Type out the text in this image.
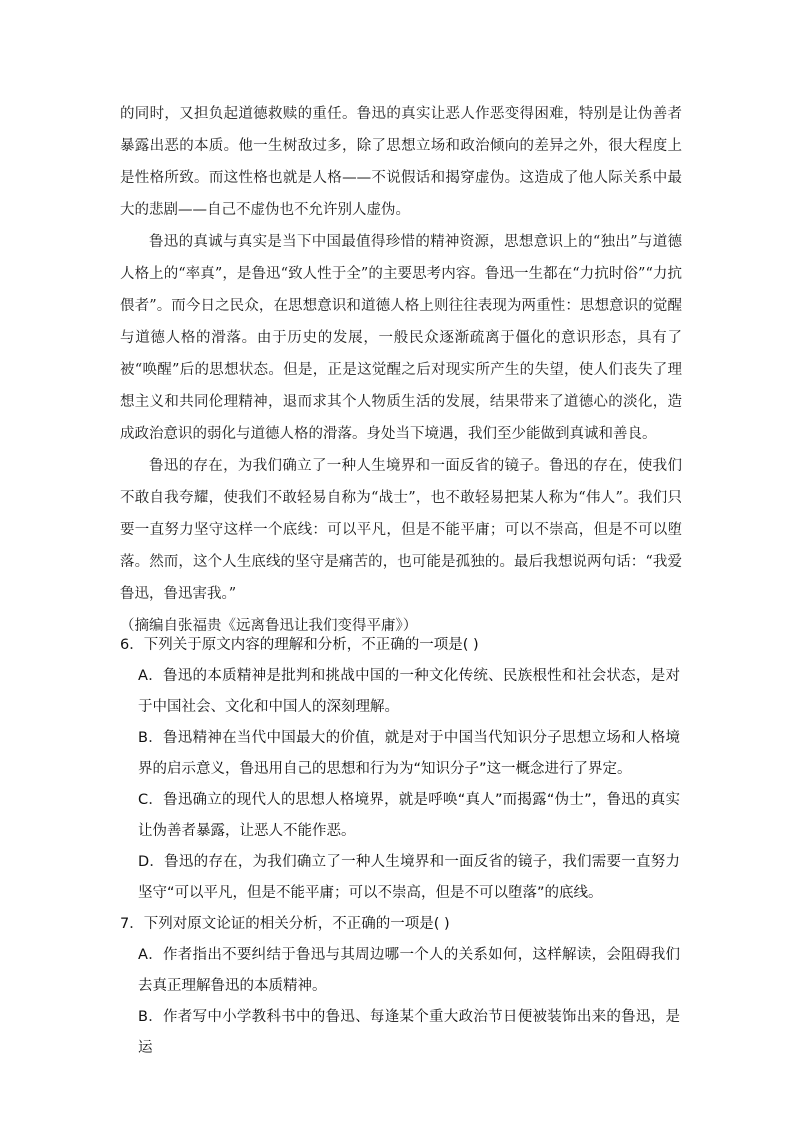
的同时，又担负起道德救赎的重任。鲁迅的真实让恶人作恶变得困难，特别是让伪善者暴露出恶的本质。他一生树敌过多，除了思想立场和政治倾向的差异之外，很大程度上是性格所致。而这性格也就是人格——不说假话和揭穿虚伪。这造成了他人际关系中最大的悲剧——自己不虚伪也不允许别人虚伪。

鲁迅的真诚与真实是当下中国最值得珍惜的精神资源，思想意识上的“独出”与道德人格上的“率真”，是鲁迅“致人性于全”的主要思考内容。鲁迅一生都在“力抗时俗”“力抗偎者”。而今日之民众，在思想意识和道德人格上则往往表现为两重性：思想意识的觉醒与道德人格的滑落。由于历史的发展，一般民众逐渐疏离于僵化的意识形态，具有了被“唤醒”后的思想状态。但是，正是这觉醒之后对现实所产生的失望，使人们丧失了理想主义和共同伦理精神，退而求其个人物质生活的发展，结果带来了道德心的淡化，造成政治意识的弱化与道德人格的滑落。身处当下境遇，我们至少能做到真诚和善良。

鲁迅的存在，为我们确立了一种人生境界和一面反省的镜子。鲁迅的存在，使我们不敢自我夸耀，使我们不敢轻易自称为“战士”，也不敢轻易把某人称为“伟人”。我们只要一直努力坚守这样一个底线：可以平凡，但是不能平庸；可以不崇高，但是不可以堕落。然而，这个人生底线的坚守是痛苦的，也可能是孤独的。最后我想说两句话：“我爱鲁迅，鲁迅害我。”

（摘编自张福贵《远离鲁迅让我们变得平庸》）

6．下列关于原文内容的理解和分析，不正确的一项是( )

A．鲁迅的本质精神是批判和挑战中国的一种文化传统、民族根性和社会状态，是对于中国社会、文化和中国人的深刻理解。

B．鲁迅精神在当代中国最大的价值，就是对于中国当代知识分子思想立场和人格境界的启示意义，鲁迅用自己的思想和行为为“知识分子”这一概念进行了界定。

C．鲁迅确立的现代人的思想人格境界，就是呼唤“真人”而揭露“伪士”，鲁迅的真实让伪善者暴露，让恶人不能作恶。

D．鲁迅的存在，为我们确立了一种人生境界和一面反省的镜子，我们需要一直努力坚守“可以平凡，但是不能平庸；可以不崇高，但是不可以堕落”的底线。

7．下列对原文论证的相关分析，不正确的一项是( )

A．作者指出不要纠结于鲁迅与其周边哪一个人的关系如何，这样解读，会阻碍我们去真正理解鲁迅的本质精神。

B．作者写中小学教科书中的鲁迅、每逢某个重大政治节日便被装饰出来的鲁迅，是运
